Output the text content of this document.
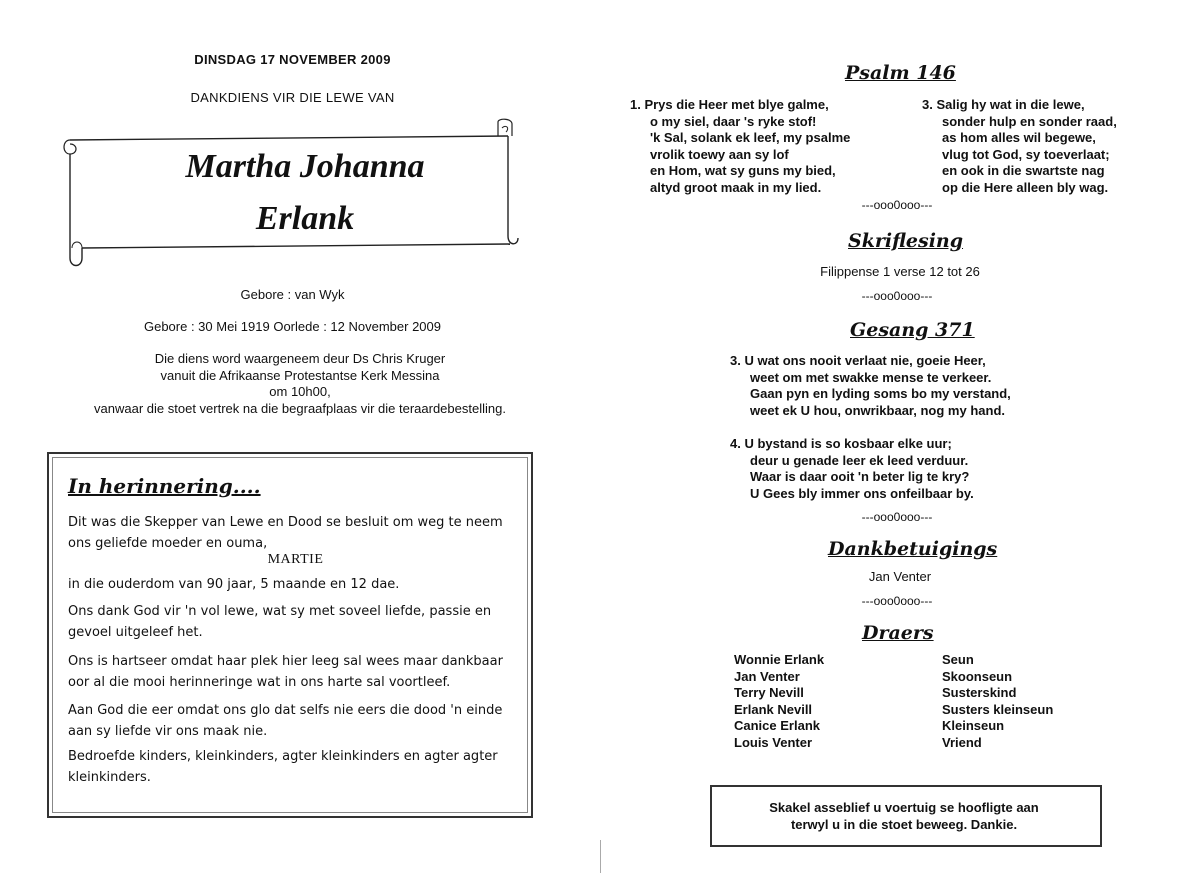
DINSDAG 17 NOVEMBER 2009
DANKDIENS VIR DIE LEWE VAN
Martha Johanna
Erlank
Gebore : van Wyk
Gebore : 30 Mei 1919 Oorlede : 12 November 2009
Die diens word waargeneem deur Ds Chris Kruger
vanuit die Afrikaanse Protestantse Kerk Messina
om 10h00,
vanwaar die stoet vertrek na die begraafplaas vir die teraardebestelling.
In herinnering....
Dit was die Skepper van Lewe en Dood se besluit om weg te neem ons geliefde moeder en ouma,
MARTIE
in die ouderdom van 90 jaar, 5 maande en 12 dae.
Ons dank God vir 'n vol lewe, wat sy met soveel liefde, passie en gevoel uitgeleef het.
Ons is hartseer omdat haar plek hier leeg sal wees maar dankbaar oor al die mooi herinneringe wat in ons harte sal voortleef.
Aan God die eer omdat ons glo dat selfs nie eers die dood 'n einde aan sy liefde vir ons maak nie.
Bedroefde kinders, kleinkinders, agter kleinkinders en agter agter kleinkinders.
Psalm 146
1. Prys die Heer met blye galme,
o my siel, daar 's ryke stof!
'k Sal, solank ek leef, my psalme
vrolik toewy aan sy lof
en Hom, wat sy guns my bied,
altyd groot maak in my lied.
3. Salig hy wat in die lewe,
sonder hulp en sonder raad,
as hom alles wil begewe,
vlug tot God, sy toeverlaat;
en ook in die swartste nag
op die Here alleen bly wag.
---ooo0ooo---
Skriflesing
Filippense 1 verse 12 tot 26
---ooo0ooo---
Gesang 371
3. U wat ons nooit verlaat nie, goeie Heer,
weet om met swakke mense te verkeer.
Gaan pyn en lyding soms bo my verstand,
weet ek U hou, onwrikbaar, nog my hand.
4. U bystand is so kosbaar elke uur;
deur u genade leer ek leed verduur.
Waar is daar ooit 'n beter lig te kry?
U Gees bly immer ons onfeilbaar by.
---ooo0ooo---
Dankbetuigings
Jan Venter
---ooo0ooo---
Draers
Wonnie Erlank
Jan Venter
Terry Nevill
Erlank Nevill
Canice Erlank
Louis Venter
Seun
Skoonseun
Susterskind
Susters kleinseun
Kleinseun
Vriend
Skakel asseblief u voertuig se hoofligte aan
terwyl u in die stoet beweeg. Dankie.
